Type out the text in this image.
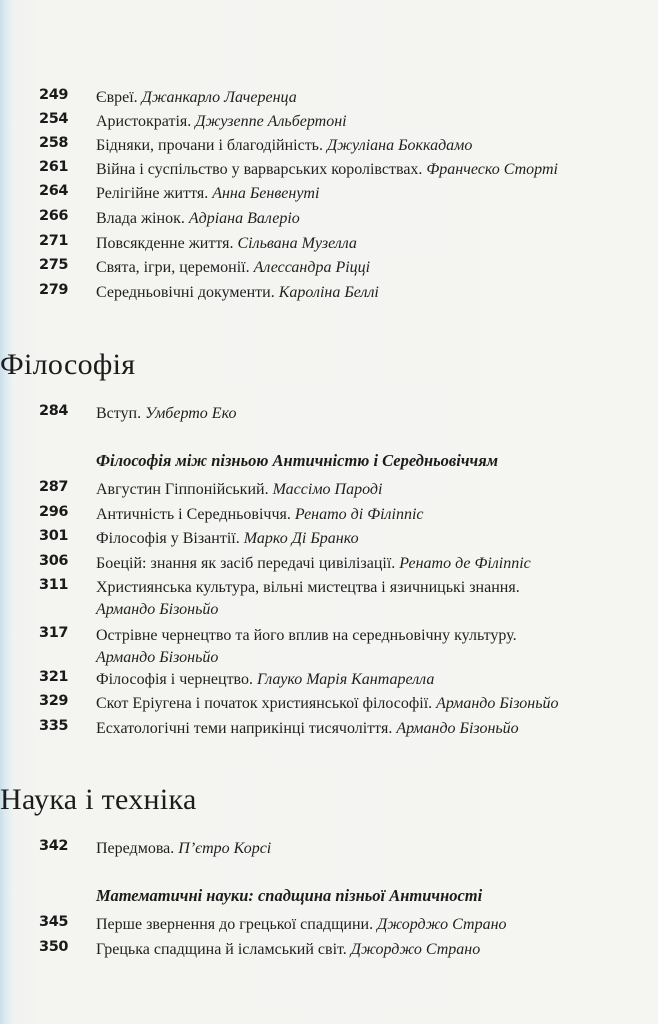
249	Євреї. Джанкарло Лачеренца
254	Аристократія. Джузеппе Альбертоні
258	Бідняки, прочани і благодійність. Джуліана Боккадамо
261	Війна і суспільство у варварських королівствах. Франческо Сторті
264	Релігійне життя. Анна Бенвенуті
266	Влада жінок. Адріана Валеріо
271	Повсякденне життя. Сільвана Музелла
275	Свята, ігри, церемонії. Алессандра Ріцці
279	Середньовічні документи. Кароліна Беллі
Філософія
284	Вступ. Умберто Еко
Філософія між пізньою Античністю і Середньовіччям
287	Августин Гіппонійський. Массімо Пароді
296	Античність і Середньовіччя. Ренато ді Філіппіс
301	Філософія у Візантії. Марко Ді Бранко
306	Боецій: знання як засіб передачі цивілізації. Ренато де Філіппіс
311	Християнська культура, вільні мистецтва і язичницькі знання.
Армандо Бізоньйо
317	Острівне чернецтво та його вплив на середньовічну культуру.
Армандо Бізоньйо
321	Філософія і чернецтво. Глауко Марія Кантарелла
329	Скот Еріугена і початок християнської філософії. Армандо Бізоньйо
335	Есхатологічні теми наприкінці тисячоліття. Армандо Бізоньйо
Наука і техніка
342	Передмова. П’єтро Корсі
Математичні науки: спадщина пізньої Античності
345	Перше звернення до грецької спадщини. Джорджо Страно
350	Грецька спадщина й ісламський світ. Джорджо Страно
